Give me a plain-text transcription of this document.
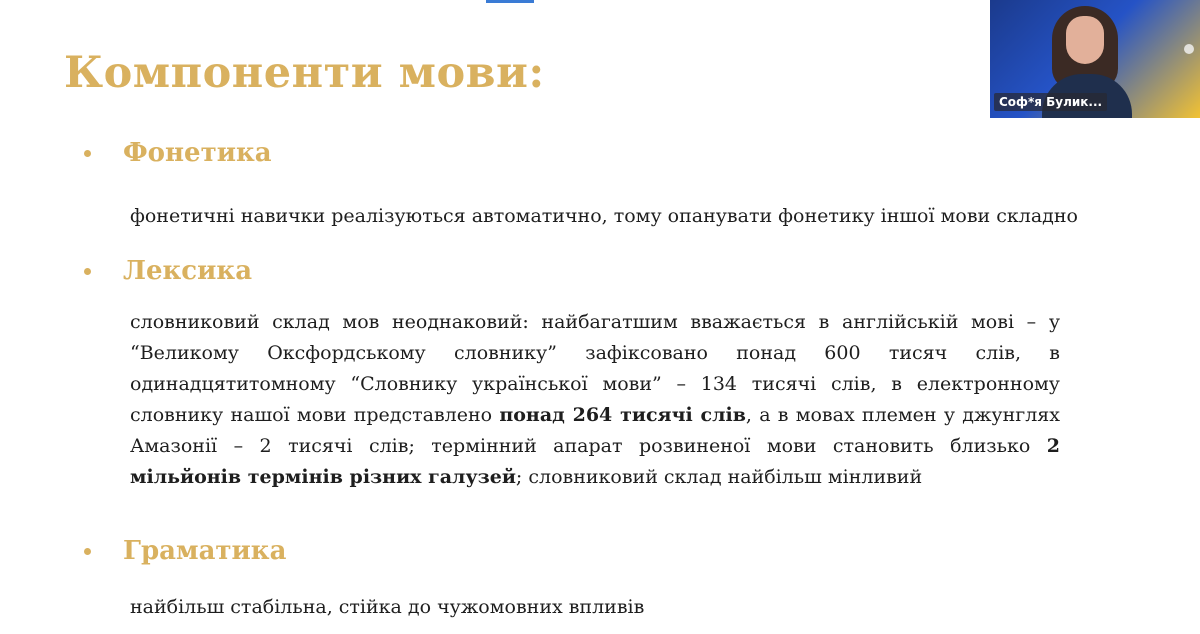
Компоненти мови:
Фонетика

фонетичні навички реалізуються автоматично, тому опанувати фонетику іншої мови складно

Лексика

словниковий склад мов неоднаковий: найбагатшим вважається в англійській мові – у “Великому Оксфордському словнику” зафіксовано понад 600 тисяч слів, в одинадцятитомному “Словнику української мови” – 134 тисячі слів, в електронному словнику нашої мови представлено понад 264 тисячі слів, а в мовах племен у джунглях Амазонії – 2 тисячі слів; термінний апарат розвиненої мови становить близько 2 мільйонів термінів різних галузей; словниковий склад найбільш мінливий

Граматика

найбільш стабільна, стійка до чужомовних впливів

Соф*я Булик...
